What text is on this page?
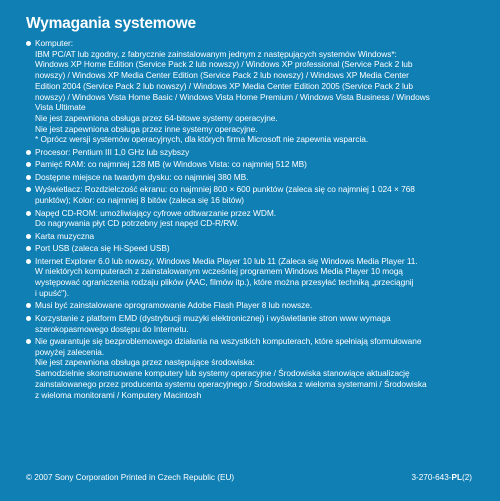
Wymagania systemowe
Komputer:
IBM PC/AT lub zgodny, z fabrycznie zainstalowanym jednym z następujących systemów Windows*:
Windows XP Home Edition (Service Pack 2 lub nowszy) / Windows XP professional (Service Pack 2 lub
nowszy) / Windows XP Media Center Edition (Service Pack 2 lub nowszy) / Windows XP Media Center
Edition 2004 (Service Pack 2 lub nowszy) / Windows XP Media Center Edition 2005 (Service Pack 2 lub
nowszy) / Windows Vista Home Basic / Windows Vista Home Premium / Windows Vista Business / Windows
Vista Ultimate
Nie jest zapewniona obsługa przez 64-bitowe systemy operacyjne.
Nie jest zapewniona obsługa przez inne systemy operacyjne.
* Oprócz wersji systemów operacyjnych, dla których firma Microsoft nie zapewnia wsparcia.
Procesor: Pentium III 1,0 GHz lub szybszy
Pamięć RAM: co najmniej 128 MB (w Windows Vista: co najmniej 512 MB)
Dostępne miejsce na twardym dysku: co najmniej 380 MB.
Wyświetlacz: Rozdzielczość ekranu: co najmniej 800 × 600 punktów (zaleca się co najmniej 1 024 × 768
punktów); Kolor: co najmniej 8 bitów (zaleca się 16 bitów)
Napęd CD-ROM: umożliwiający cyfrowe odtwarzanie przez WDM.
Do nagrywania płyt CD potrzebny jest napęd CD-R/RW.
Karta muzyczna
Port USB (zaleca się Hi-Speed USB)
Internet Explorer 6.0 lub nowszy, Windows Media Player 10 lub 11 (Zaleca się Windows Media Player 11.
W niektórych komputerach z zainstalowanym wcześniej programem Windows Media Player 10 mogą
występować ograniczenia rodzaju plików (AAC, filmów itp.), które można przesyłać techniką „przeciągnij
i upuść").
Musi być zainstalowane oprogramowanie Adobe Flash Player 8 lub nowsze.
Korzystanie z platform EMD (dystrybucji muzyki elektronicznej) i wyświetlanie stron www wymaga
szerokopasmowego dostępu do Internetu.
Nie gwarantuje się bezproblemowego działania na wszystkich komputerach, które spełniają sformułowane
powyżej zalecenia.
Nie jest zapewniona obsługa przez następujące środowiska:
Samodzielnie skonstruowane komputery lub systemy operacyjne / Środowiska stanowiące aktualizację
zainstalowanego przez producenta systemu operacyjnego / Środowiska z wieloma systemami / Środowiska
z wieloma monitorami / Komputery Macintosh
© 2007 Sony Corporation Printed in Czech Republic (EU)	3-270-643-PL(2)
